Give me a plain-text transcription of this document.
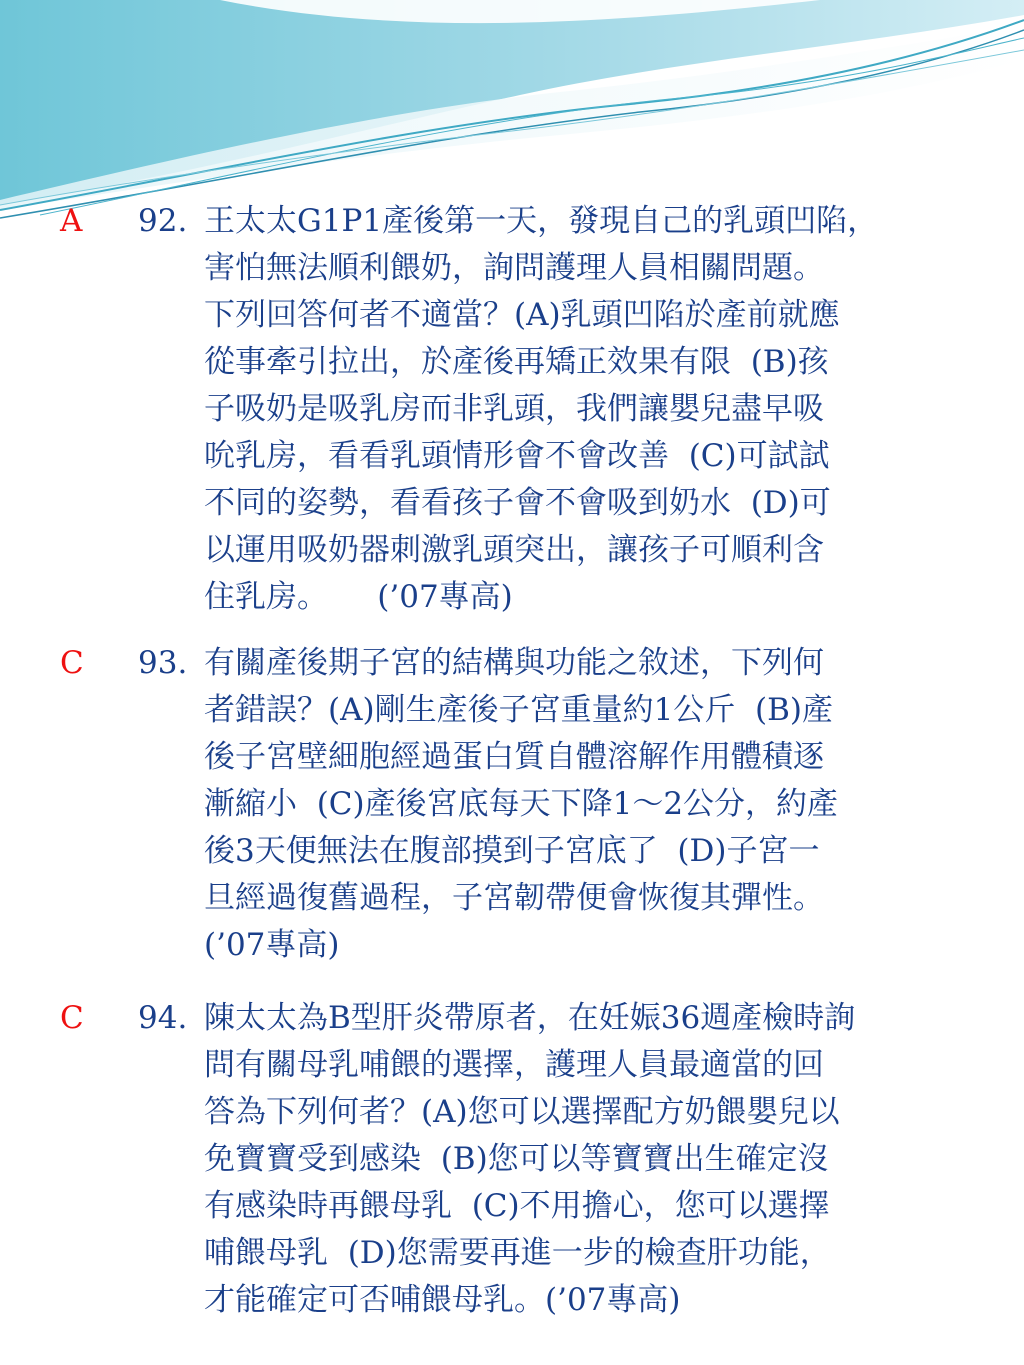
A 92. 王太太G1P1產後第一天，發現自己的乳頭凹陷，
害怕無法順利餵奶，詢問護理人員相關問題。
下列回答何者不適當？(A)乳頭凹陷於產前就應
從事牽引拉出，於產後再矯正效果有限  (B)孩
子吸奶是吸乳房而非乳頭，我們讓嬰兒盡早吸
吮乳房，看看乳頭情形會不會改善  (C)可試試
不同的姿勢，看看孩子會不會吸到奶水  (D)可
以運用吸奶器刺激乳頭突出，讓孩子可順利含
住乳房。     (’07專高)
C 93. 有關產後期子宮的結構與功能之敘述，下列何
者錯誤？(A)剛生產後子宮重量約1公斤  (B)產
後子宮壁細胞經過蛋白質自體溶解作用體積逐
漸縮小  (C)產後宮底每天下降1～2公分，約產
後3天便無法在腹部摸到子宮底了  (D)子宮一
旦經過復舊過程，子宮韌帶便會恢復其彈性。
(’07專高)
C 94. 陳太太為B型肝炎帶原者，在妊娠36週產檢時詢
問有關母乳哺餵的選擇，護理人員最適當的回
答為下列何者？(A)您可以選擇配方奶餵嬰兒以
免寶寶受到感染  (B)您可以等寶寶出生確定沒
有感染時再餵母乳  (C)不用擔心，您可以選擇
哺餵母乳  (D)您需要再進一步的檢查肝功能，
才能確定可否哺餵母乳。(’07專高)
